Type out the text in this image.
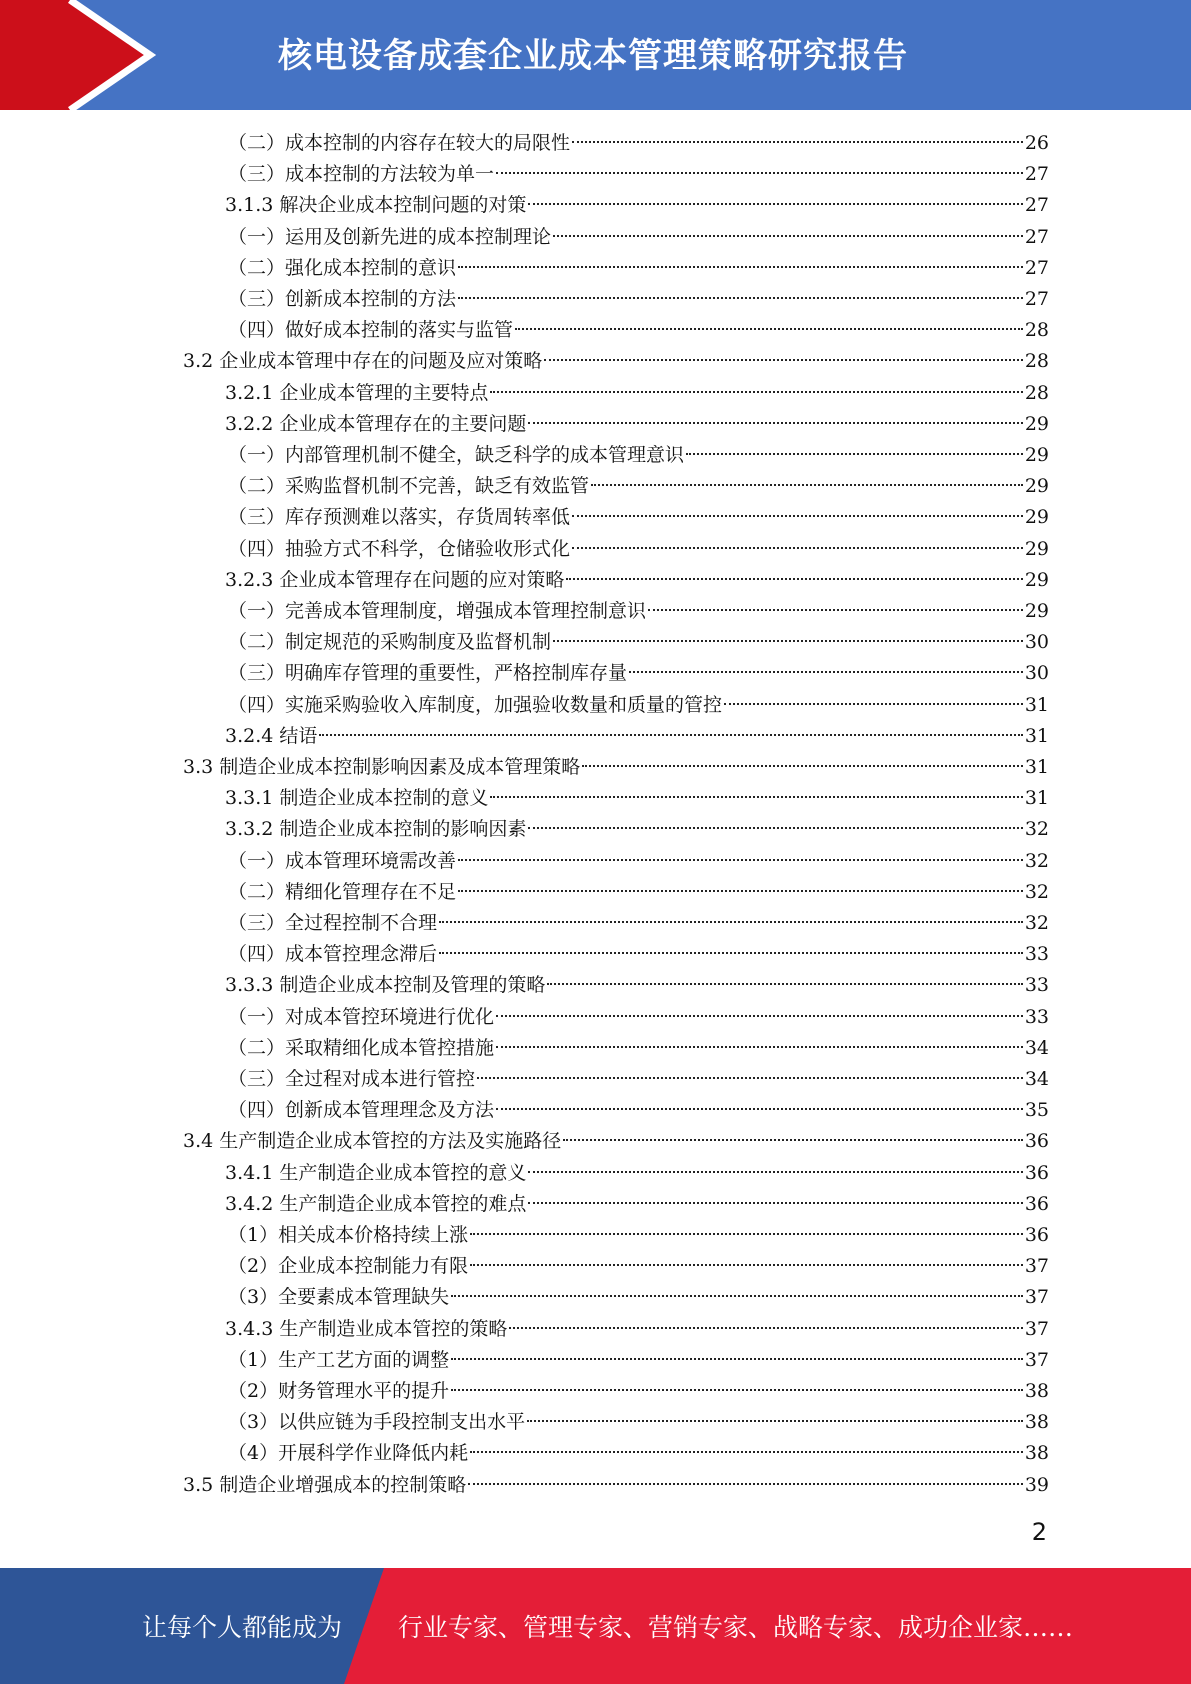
核电设备成套企业成本管理策略研究报告
（二）成本控制的内容存在较大的局限性	26
（三）成本控制的方法较为单一	27
3.1.3 解决企业成本控制问题的对策	27
（一）运用及创新先进的成本控制理论	27
（二）强化成本控制的意识	27
（三）创新成本控制的方法	27
（四）做好成本控制的落实与监管	28
3.2 企业成本管理中存在的问题及应对策略	28
3.2.1 企业成本管理的主要特点	28
3.2.2 企业成本管理存在的主要问题	29
（一）内部管理机制不健全，缺乏科学的成本管理意识	29
（二）采购监督机制不完善，缺乏有效监管	29
（三）库存预测难以落实，存货周转率低	29
（四）抽验方式不科学，仓储验收形式化	29
3.2.3 企业成本管理存在问题的应对策略	29
（一）完善成本管理制度，增强成本管理控制意识	29
（二）制定规范的采购制度及监督机制	30
（三）明确库存管理的重要性，严格控制库存量	30
（四）实施采购验收入库制度，加强验收数量和质量的管控	31
3.2.4 结语	31
3.3 制造企业成本控制影响因素及成本管理策略	31
3.3.1 制造企业成本控制的意义	31
3.3.2 制造企业成本控制的影响因素	32
（一）成本管理环境需改善	32
（二）精细化管理存在不足	32
（三）全过程控制不合理	32
（四）成本管控理念滞后	33
3.3.3 制造企业成本控制及管理的策略	33
（一）对成本管控环境进行优化	33
（二）采取精细化成本管控措施	34
（三）全过程对成本进行管控	34
（四）创新成本管理理念及方法	35
3.4 生产制造企业成本管控的方法及实施路径	36
3.4.1 生产制造企业成本管控的意义	36
3.4.2 生产制造企业成本管控的难点	36
（1）相关成本价格持续上涨	36
（2）企业成本控制能力有限	37
（3）全要素成本管理缺失	37
3.4.3 生产制造业成本管控的策略	37
（1）生产工艺方面的调整	37
（2）财务管理水平的提升	38
（3）以供应链为手段控制支出水平	38
（4）开展科学作业降低内耗	38
3.5 制造企业增强成本的控制策略	39
2
让每个人都能成为 行业专家、管理专家、营销专家、战略专家、成功企业家……
